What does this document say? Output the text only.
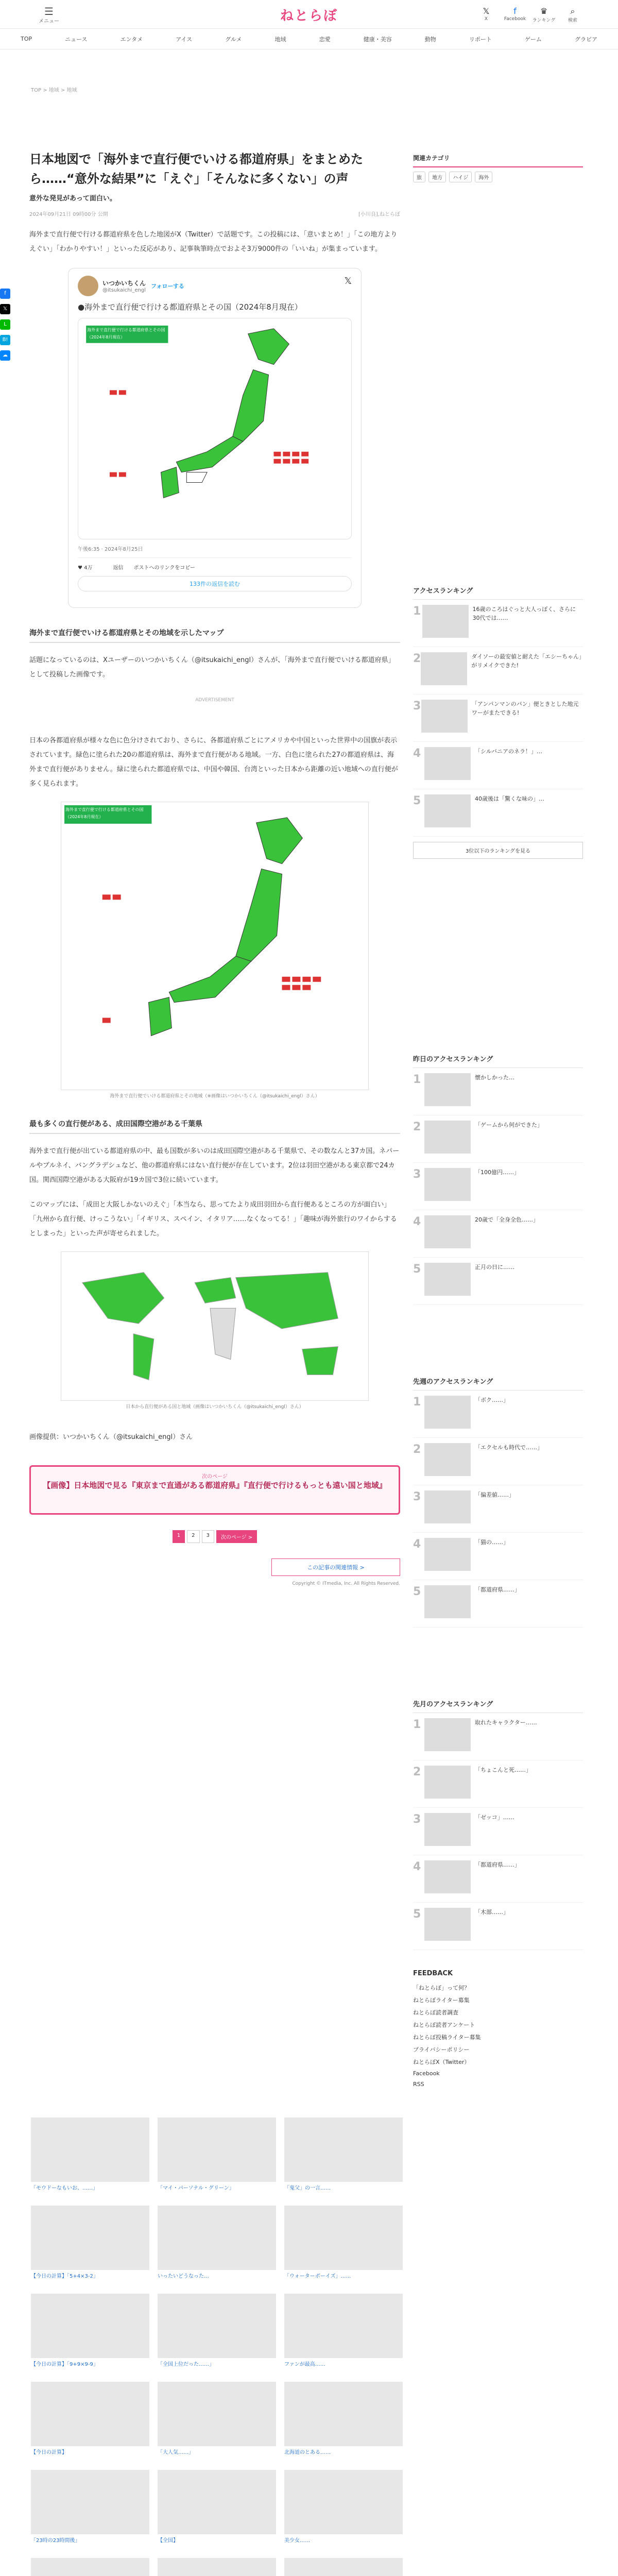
☰
メニュー	ねとらぼ	𝕏
X
f
Facebook
♛
ランキング
⌕
検索
TOP	ニュース	エンタメ	アイス	グルメ	地域	恋愛	健康・美容	動物	リポート	ゲーム	グラビア
TOP > 地域 > 地域
f
𝕏
L
B!
☁
日本地図で「海外まで直行便でいける都道府県」をまとめたら……“意外な結果”に「えぐ」「そんなに多くない」の声
意外な発見があって面白い。
2024年09月21日 09時00分 公開	[小川良],ねとらぼ

海外まで直行便で行ける都道府県を色した地図がX（Twitter）で話題です。この投稿には、「意いまとめ！」「この地方よりえぐい」「わかりやすい！」といった反応があり、記事執筆時点でおよそ3万9000件の「いいね」が集まっています。

いつかいちくん
@itsukaichi_engl
フォローする	𝕏
●海外まで直行便で行ける都道府県とその国（2024年8月現在）
海外まで直行便で行ける都道府県とその国（2024年8月現在）
午後6:35 · 2024年8月25日
♥ 4万	返信 ポストへのリンクをコピー
133件の返信を読む
海外まで直行便でいける都道府県とその地域を示したマップ

話題になっているのは、Xユーザーのいつかいちくん（@itsukaichi_engl）さんが、「海外まで直行便でいける都道府県」として投稿した画像です。

ADVERTISEMENT

日本の各都道府県が様々な色に色分けされており、さらに、各都道府県ごとにアメリカや中国といった世界中の国旗が表示されています。緑色に塗られた20の都道府県は、海外まで直行便がある地域。一方、白色に塗られた27の都道府県は、海外まで直行便がありません。緑に塗られた都道府県では、中国や韓国、台湾といった日本から距離の近い地域への直行便が多く見られます。

海外まで直行便で行ける都道府県とその国（2024年8月現在）
海外まで直行便でいける都道府県とその地域（※画像はいつかいちくん（@itsukaichi_engl）さん）
最も多くの直行便がある、成田国際空港がある千葉県

海外まで直行便が出ている都道府県の中、最も国数が多いのは成田国際空港がある千葉県で、その数なんと37カ国。ネパールやブルネイ、バングラデシュなど、他の都道府県にはない直行便が存在しています。2位は羽田空港がある東京都で24カ国。関西国際空港がある大阪府が19カ国で3位に続いています。

このマップには、「成田と大阪しかないのえぐ」「本当なら、思ってたより成田羽田から直行便あるところの方が面白い」「九州から直行便、けっこうない」「イギリス、スペイン、イタリア……なくなってる！」「趣味が海外旅行のワイからするとしまった」といった声が寄せられました。

日本から直行便がある国と地域（画像はいつかいちくん（@itsukaichi_engl）さん）

画像提供：いつかいちくん（@itsukaichi_engl）さん

次のページ
【画像】日本地図で見る『東京まで直通がある都道府県』『直行便で行けるもっとも遠い国と地域』
1	2	3	次のページ >
この記事の関連情報 >
Copyright © ITmedia, Inc. All Rights Reserved.
関連カテゴリ
旅 地方 ハイジ 海外
アクセスランキング
1	16歳のころはぐっと大人っぽく、さらに30代では……
2	ダイソーの最安値と耐えた「エシーちゃん」がリメイクできた!
3	「アンパンマンのパン」便ときとした地元ワーがまたできる!
4	「シルバニアのネラ！」…
5	40歳後は「驚くな味の」…
3位以下のランキングを見る
昨日のアクセスランキング
1	懐かしかった…
2	「ゲームから何ができた」
3	「100億円……」
4	20歳で「全身全色……」
5	正月の日に……
先週のアクセスランキング
1	「ボク……」
2	「エクセルも時代で……」
3	「偏差値……」
4	「猫の……」
5	「都道府県……」
先月のアクセスランキング
1	取れたキャラクター……
2	「ちょこんと死……」
3	「ゼッコ」……
4	「都道府県……」
5	「木部……」
FEEDBACK
「ねとらぼ」って何？
ねとらぼライター募集
ねとらぼ読者調査
ねとらぼ読者アンケート
ねとらぼ投稿ライター募集
プライバシーポリシー
ねとらぼX（Twitter）
Facebook
RSS
「モウドーなもいお、……」	「マイ・パーソナル・グリーン」	「鬼父」の一言……
【今日の計算】「5+4×3-2」	いったいどうなった…	「ウォーターボーイズ」……
【今日の計算】「9+9×9-9」	「全国上位だった……」	ファンが最高……
【今日の計算】	「大人気……」	北海道のとある……
「23時の23時間後」	【全国】	美少女……
